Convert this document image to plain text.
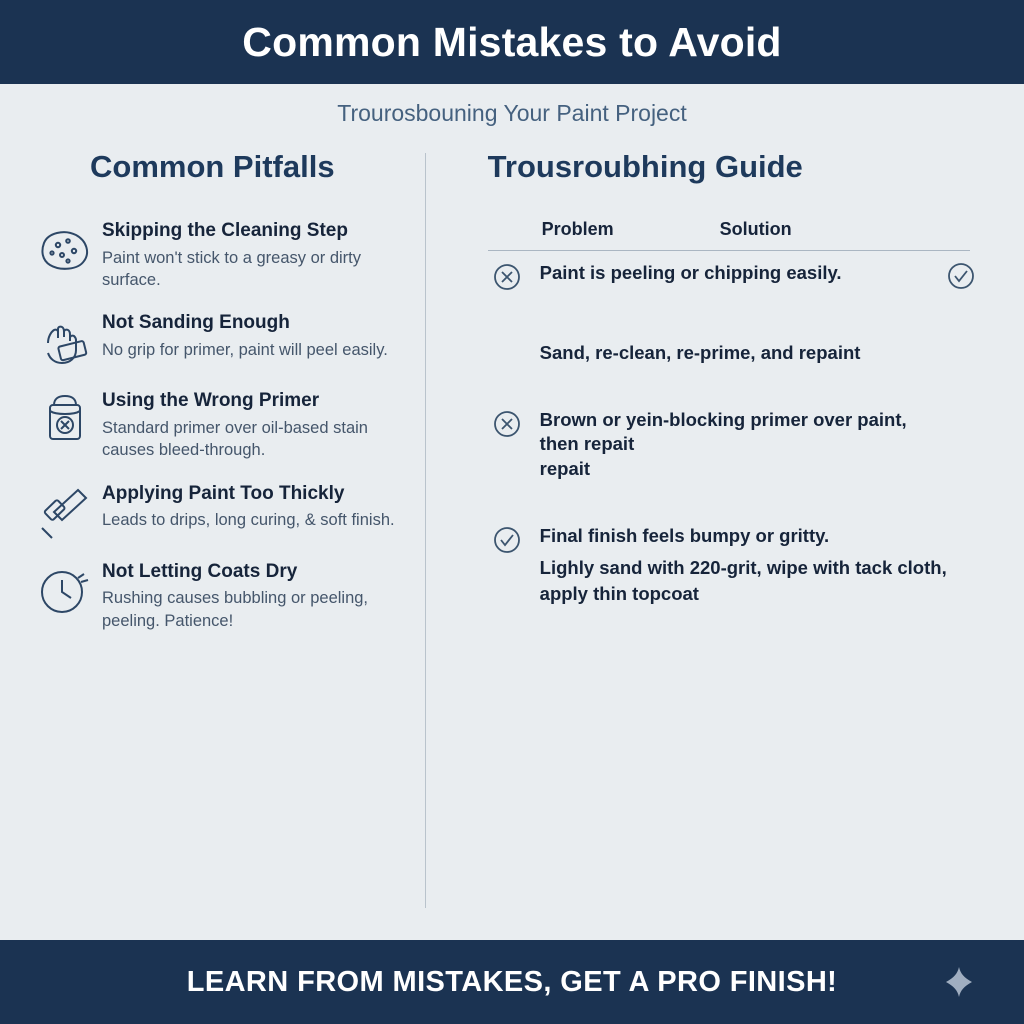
Common Mistakes to Avoid
Trourosbouning Your Paint Project
Common Pitfalls
Skipping the Cleaning Step
Paint won't stick to a greasy or dirty surface.
Not Sanding Enough
No grip for primer, paint will peel easily.
Using the Wrong Primer
Standard primer over oil-based stain causes bleed-through.
Applying Paint Too Thickly
Leads to drips, long curing, & soft finish.
Not Letting Coats Dry
Rushing causes bubbling or peeling, peeling. Patience!
Trousroubhing Guide
Problem	Solution
Paint is peeling or chipping easily.
Sand, re-clean, re-prime, and repaint
Brown or yein-blocking primer over paint, then repait
repait
Final finish feels bumpy or gritty.
Lighly sand with 220-grit, wipe with tack cloth, apply thin topcoat
LEARN FROM MISTAKES, GET A PRO FINISH!
